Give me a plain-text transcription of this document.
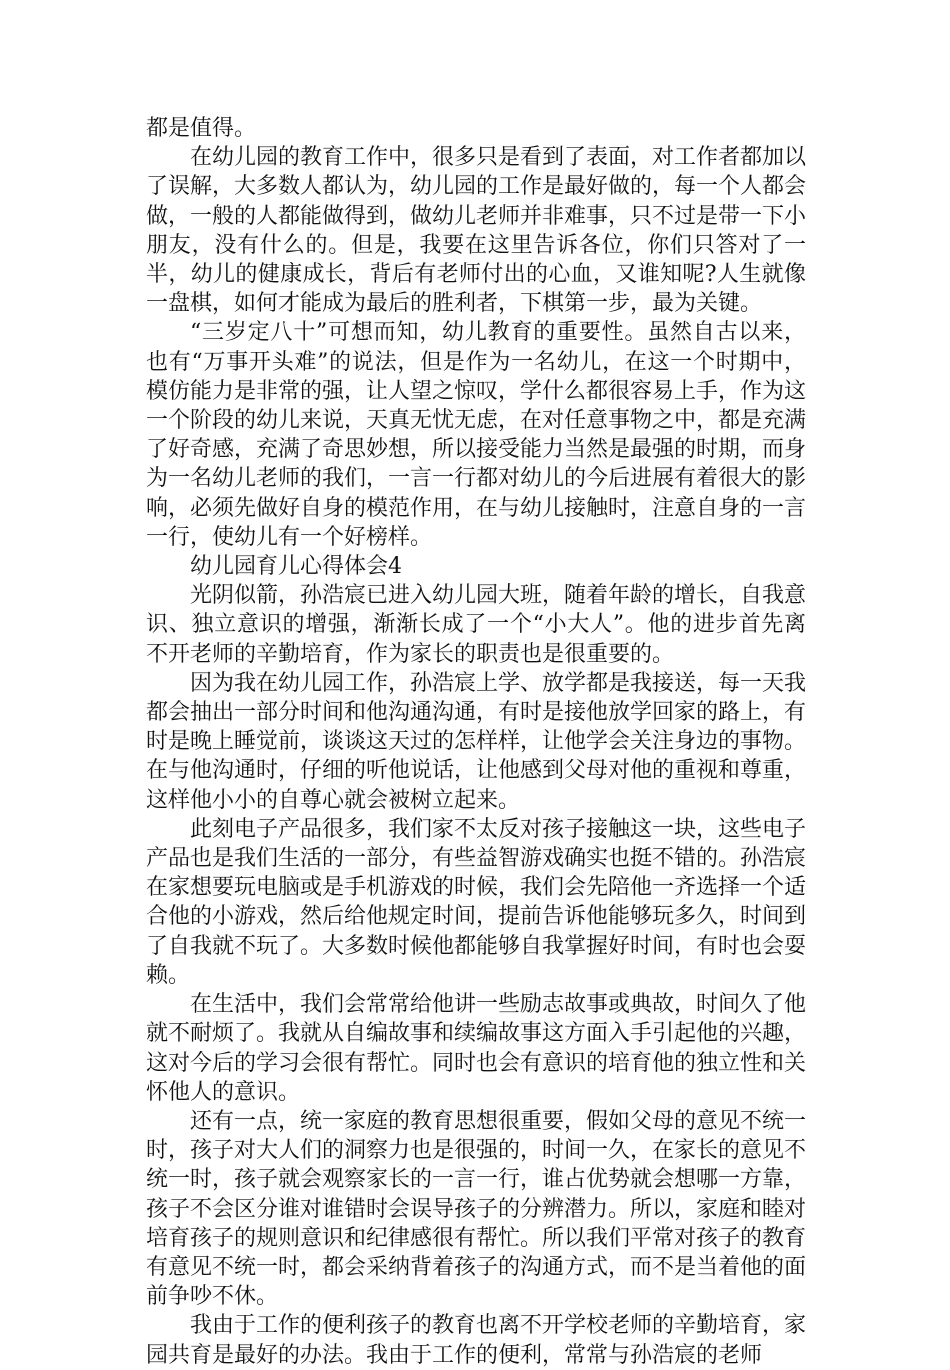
都是值得。

在幼儿园的教育工作中，很多只是看到了表面，对工作者都加以了误解，大多数人都认为，幼儿园的工作是最好做的，每一个人都会做，一般的人都能做得到，做幼儿老师并非难事，只不过是带一下小朋友，没有什么的。但是，我要在这里告诉各位，你们只答对了一半，幼儿的健康成长，背后有老师付出的心血，又谁知呢?人生就像一盘棋，如何才能成为最后的胜利者，下棋第一步，最为关键。

“三岁定八十”可想而知，幼儿教育的重要性。虽然自古以来，也有“万事开头难”的说法，但是作为一名幼儿，在这一个时期中，模仿能力是非常的强，让人望之惊叹，学什么都很容易上手，作为这一个阶段的幼儿来说，天真无忧无虑，在对任意事物之中，都是充满了好奇感，充满了奇思妙想，所以接受能力当然是最强的时期，而身为一名幼儿老师的我们，一言一行都对幼儿的今后进展有着很大的影响，必须先做好自身的模范作用，在与幼儿接触时，注意自身的一言一行，使幼儿有一个好榜样。

幼儿园育儿心得体会4

光阴似箭，孙浩宸已进入幼儿园大班，随着年龄的增长，自我意识、独立意识的增强，渐渐长成了一个“小大人”。他的进步首先离不开老师的辛勤培育，作为家长的职责也是很重要的。

因为我在幼儿园工作，孙浩宸上学、放学都是我接送，每一天我都会抽出一部分时间和他沟通沟通，有时是接他放学回家的路上，有时是晚上睡觉前，谈谈这天过的怎样样，让他学会关注身边的事物。在与他沟通时，仔细的听他说话，让他感到父母对他的重视和尊重，这样他小小的自尊心就会被树立起来。

此刻电子产品很多，我们家不太反对孩子接触这一块，这些电子产品也是我们生活的一部分，有些益智游戏确实也挺不错的。孙浩宸在家想要玩电脑或是手机游戏的时候，我们会先陪他一齐选择一个适合他的小游戏，然后给他规定时间，提前告诉他能够玩多久，时间到了自我就不玩了。大多数时候他都能够自我掌握好时间，有时也会耍赖。

在生活中，我们会常常给他讲一些励志故事或典故，时间久了他就不耐烦了。我就从自编故事和续编故事这方面入手引起他的兴趣，这对今后的学习会很有帮忙。同时也会有意识的培育他的独立性和关怀他人的意识。

还有一点，统一家庭的教育思想很重要，假如父母的意见不统一时，孩子对大人们的洞察力也是很强的，时间一久，在家长的意见不统一时，孩子就会观察家长的一言一行，谁占优势就会想哪一方靠，孩子不会区分谁对谁错时会误导孩子的分辨潜力。所以，家庭和睦对培育孩子的规则意识和纪律感很有帮忙。所以我们平常对孩子的教育有意见不统一时，都会采纳背着孩子的沟通方式，而不是当着他的面前争吵不休。

我由于工作的便利孩子的教育也离不开学校老师的辛勤培育，家园共育是最好的办法。我由于工作的便利，常常与孙浩宸的老师
